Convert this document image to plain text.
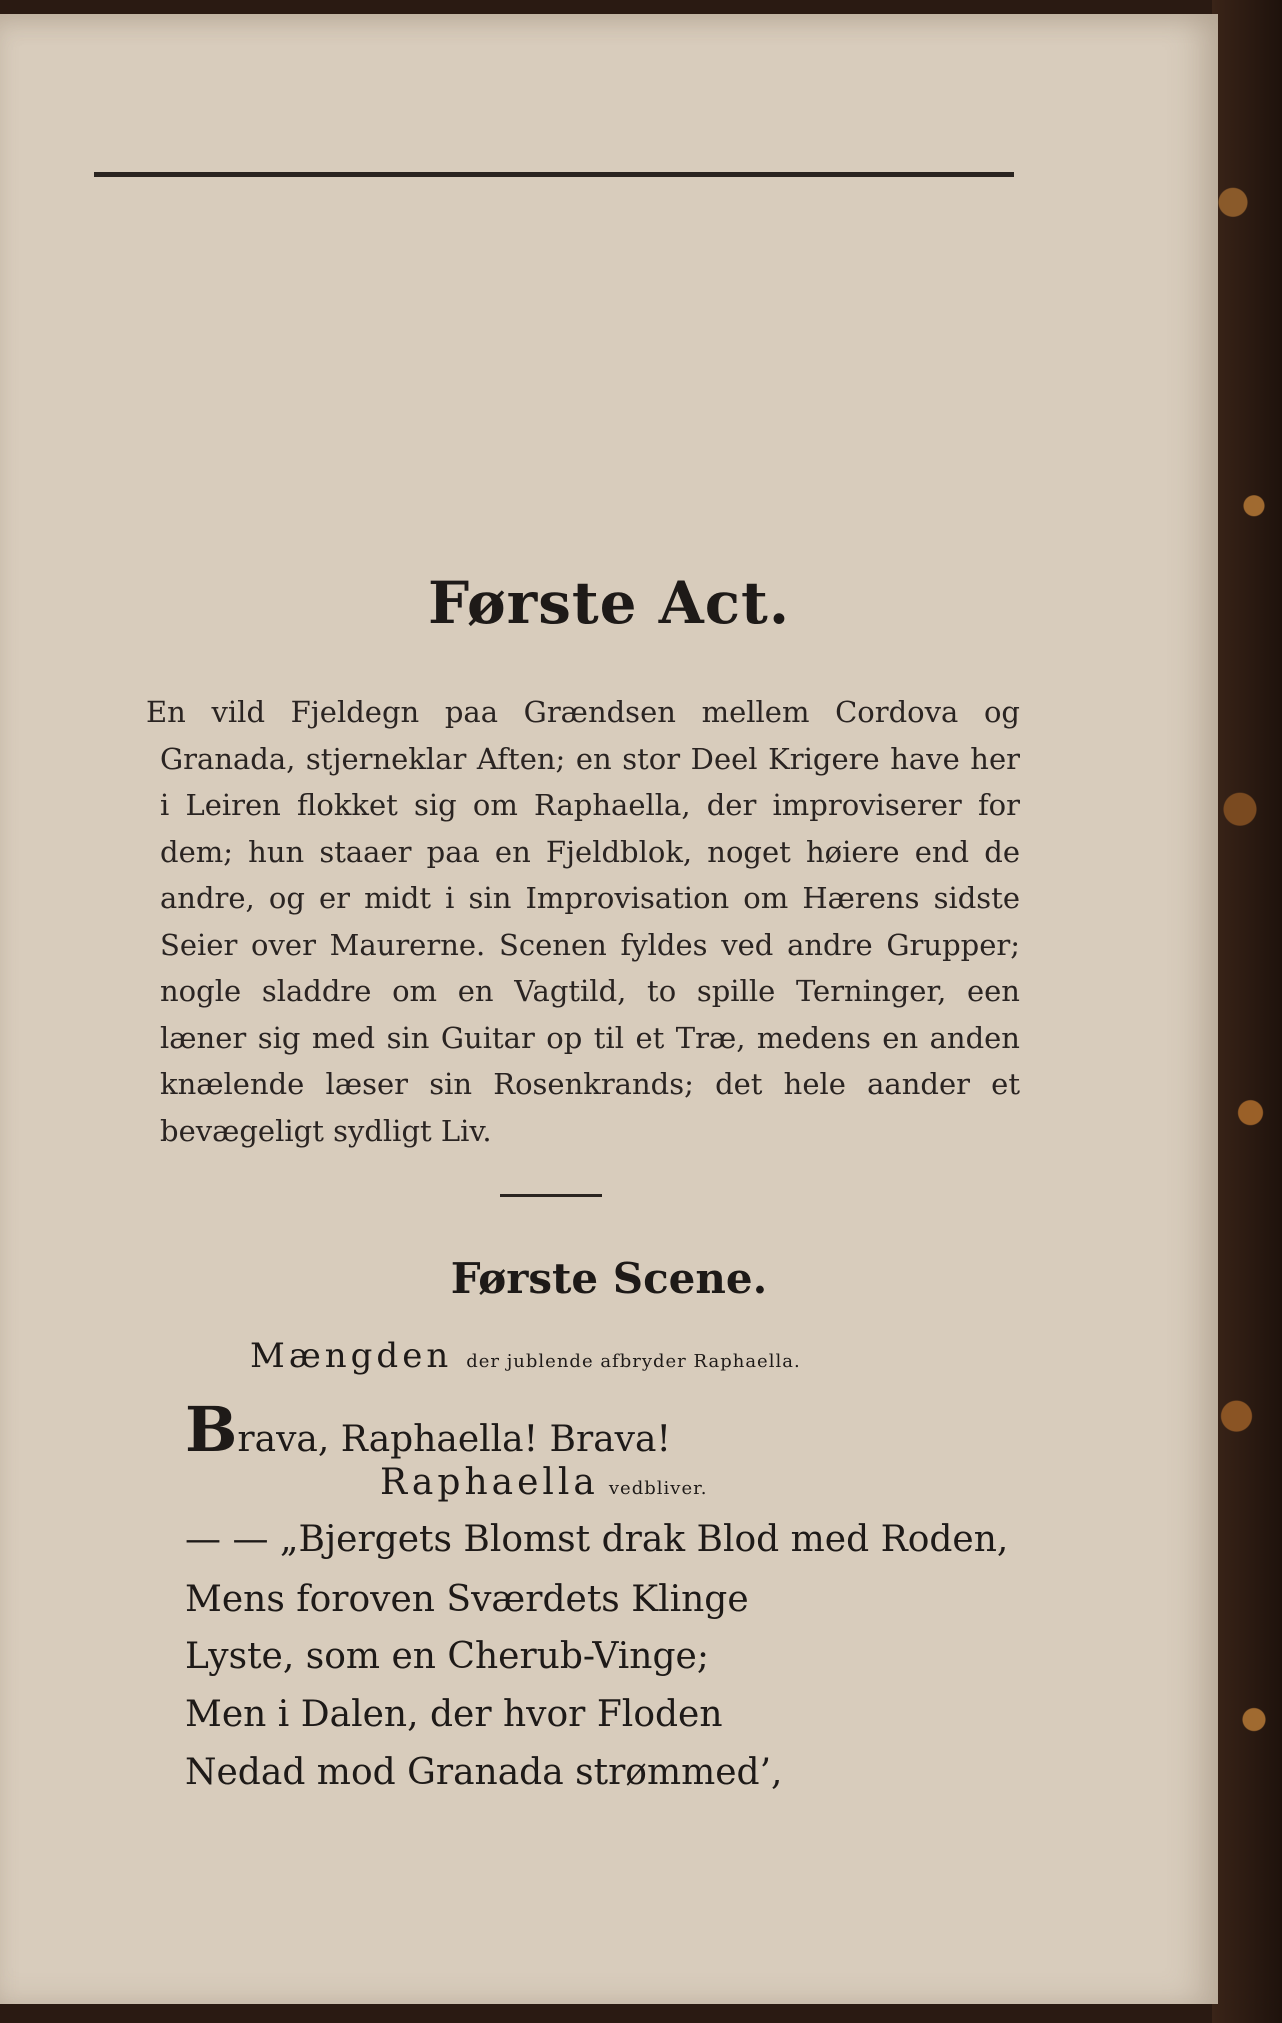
Første Act.
En vild Fjeldegn paa Grændsen mellem Cordova og Granada, stjerneklar Aften; en stor Deel Krigere have her i Leiren flokket sig om Raphaella, der improviserer for dem; hun staaer paa en Fjeldblok, noget høiere end de andre, og er midt i sin Improvisation om Hærens sidste Seier over Maurerne. Scenen fyldes ved andre Grupper; nogle sladdre om en Vagtild, to spille Terninger, een læner sig med sin Guitar op til et Træ, medens en anden knælende læser sin Rosenkrands; det hele aander et bevægeligt sydligt Liv.
Første Scene.
Mængden der jublende afbryder Raphaella.
Brava, Raphaella! Brava!
Raphaella vedbliver.
— — „Bjergets Blomst drak Blod med Roden,
Mens foroven Sværdets Klinge
Lyste, som en Cherub-Vinge;
Men i Dalen, der hvor Floden
Nedad mod Granada strømmed’,
